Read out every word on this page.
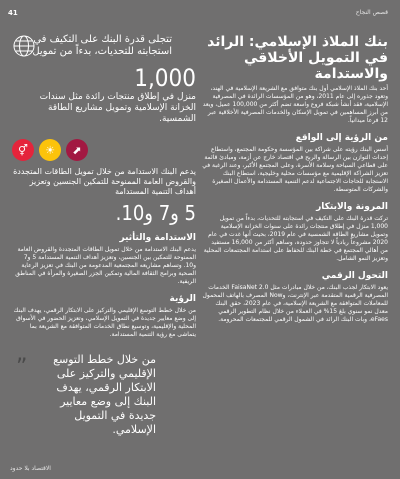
41	قصص النجاح
بنك الملاذ الإسلامي: الرائد في التمويل الأخلاقي والاستدامة

أحد بنك الملاذ الإسلامي أول بنك متوافق مع الشريعة الإسلامية في الهند، وتعود جذوره إلى عام 2011، وهو من المؤسسات الرائدة في المصرفية الإسلامية، فقد أنشأ شبكة فروع واسعة تضم أكثر من 100,000 عميل، ويعد من أبرز المساهمين في تمويل الإسكان والخدمات المصرفية الأخلاقية عبر 12 فرعاً ميدانياً.

من الرؤية إلى الواقع

أسس البنك رؤيته على شراكة بين المؤسسة وحكومة المجتمع، واستطاع إحداث التوازن بين الرسالة والربح في اقتصاد خارج عن أزمة، ومبادئ قائمة على قطاعي السياحة وسلامة الأسرة، وعلى المجتمع الأكبر، وعند الرغبة في تعزيز الشراكة الإقليمية مع مؤسسات محلية وخليجية، استطاع البنك الاستجابة للحاجات الاجتماعية لدعم التنمية المستدامة والأعمال الصغيرة والشركات المتوسطة.

المرونة والابتكار

تركت قدرة البنك على التكيف في استجابته للتحديات، بدءاً من تمويل 1,000 منزل في إطلاق منتجات رائدة على سنوات الخزانة الإسلامية وتمويل مشاريع الطاقة الشمسية في عام 2019، بحيث أنها غدت في عام 2020 مشروعاً ريادياً لا تتجاوز حدوده، وساهم أكثر من 16,000 مستفيد من أهالي المجتمع في خطة البنك للحفاظ على استدامة المجتمعات المحلية وتعزيز النمو الشامل.

التحول الرقمي

يعود الابتكار لجذب البنك، من خلال مبادرات مثل FaisaNet 2.0 الخدمات المصرفية الرقمية المتقدمة عبر الإنترنت، وNow المصرف بالهاتف المحمول للمعاملات المتوافقة مع الشريعة الإسلامية، في عام 2023، حقق البنك معدل نمو سنوي بلغ 15% في العملاء من خلال نظام التطوير الرقمي eFaes، وبات البنك الرائد في الشمول الرقمي للمجتمعات المحرومة.

تتجلى قدرة البنك على التكيف في استجابته للتحديات، بدءاً من تمويل
1,000
منزل في إطلاق منتجات رائدة مثل سندات الخزانة الإسلامية وتمويل مشاريع الطاقة الشمسية.
⬈
☀
⚥
يدعم البنك الاستدامة من خلال تمويل الطاقات المتجددة والقروض العامة الممنوحة للتمكين الجنسين وتعزيز أهداف التنمية المستدامة
5 و7 و10.
الاستدامة والتأثير

يدعم البنك الاستدامة من خلال تمويل الطاقات المتجددة والقروض العامة الممنوحة للتمكين بين الجنسين، وتعزيز أهداف التنمية المستدامة 5 و7 و10. وتساهم مشاريعه المجتمعية المدعومة من البنك في تعزيز الرعاية الصحية وبرامج الثقافة المالية وتمكين الجزر الصغيرة والمرأة في المناطق الريفية.

الرؤية

من خلال خطط التوسع الإقليمي والتركيز على الابتكار الرقمي، يهدف البنك إلى وضع معايير جديدة في التمويل الإسلامي، وتعزيز الحضور في الأسواق المحلية والإقليمية، وتوسيع نطاق الخدمات المتوافقة مع الشريعة بما يتماشى مع رؤية التنمية المستدامة.

”	من خلال خطط التوسع الإقليمي والتركيز على الابتكار الرقمي، يهدف البنك إلى وضع معايير جديدة في التمويل الإسلامي.
الاقتصاد بلا حدود
